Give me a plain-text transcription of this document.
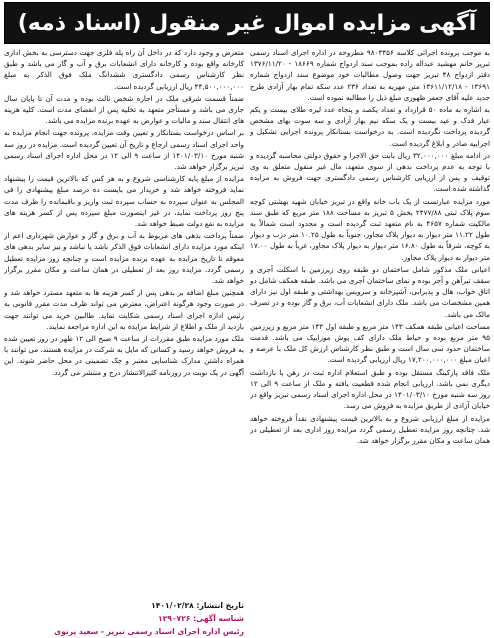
آگهی مزایده اموال غیر منقول (اسناد ذمه)

به موجب پرونده اجرائی کلاسه ۹۸۰۳۴۵۶ مطروحه در اداره اجرای اسناد رسمی تبریز خانم مهشید عبداله زاده بموجب سند ازدواج شماره ۱۸۶۶۹ - ۱۳۷۶/۱۱/۲۰ دفتر ازدواج ۴۸ تبریز جهت وصول مطالبات خود موضوع سند ازدواج شماره ۱۳۶۹۱ - ۱۳۶۱۱/۱۲/۱۸ متن مهریه به تعداد ۲۳۶ عدد سکه تمام بهار آزادی طرح جدید علیه آقای جعفر ظهوری مبلغ ذیل را مطالبه نموده است.

به اشاره به ماده ۵۰ قرارداد و تعداد یکصد و پنجاه عدد لیره طلای بیست و یکم عیار فدک و عید بیست و یک سکه نیم بهار آزادی و سه سوت بهای مشخص گردیده پرداخت نگردیده است. به درخواست بستانکار پرونده اجرایی تشکیل و اجراییه صادر و ابلاغ گردیده است.

در ادامه مبلغ ۳۲,۰۰۰,۰۰۰ ریال بابت حق الاجرا و حقوق دولتی محاسبه گردیده و با توجه به عدم پرداخت بدهی از سوی متعهد، مال غیر منقول متعلق به وی توقیف و پس از ارزیابی کارشناس رسمی دادگستری جهت فروش به مزایده گذاشته شده است.

مورد مزایده عبارتست از یک باب خانه واقع در تبریز خیابان شهید بهشتی کوچه سوم پلاک ثبتی ۲۴۷۷/۸۸ بخش ۵ تبریز به مساحت ۱۸۸ متر مربع که طبق سند مالکیت شماره ۴۶۵۷ به نام متعهد ثبت گردیده است و محدود است شمالاً به طول ۱۱.۲۲ متر دیوار به دیوار پلاک مجاور، جنوباً به طول ۱۰.۲۵ متر درب و دیوار به کوچه، شرقاً به طول ۱۶.۸۰ متر دیوار به دیوار پلاک مجاور، غرباً به طول ۱۷.۰۰ متر دیوار به دیوار پلاک مجاور.

اعیانی ملک مذکور شامل ساختمان دو طبقه روی زیرزمین با اسکلت آجری و سقف تیرآهن و آجر بوده و نمای ساختمان آجری می باشد. طبقه همکف شامل دو اتاق خواب، هال و پذیرایی، آشپزخانه و سرویس بهداشتی و طبقه اول نیز دارای همین مشخصات می باشد. ملک دارای انشعابات آب، برق و گاز بوده و در تصرف مالک می باشد.

مساحت اعیانی طبقه همکف ۱۴۳ متر مربع و طبقه اول ۱۴۳ متر مربع و زیرزمین ۹۵ متر مربع بوده و حیاط ملک دارای کف پوش موزاییک می باشد. قدمت ساختمان حدود سی سال است و طبق نظر کارشناس ارزش کل ملک با عرصه و اعیان مبلغ ۱۷,۲۰۰,۰۰۰,۰۰۰ ریال ارزیابی گردیده است.

ملک فاقد پارکینگ مستقل بوده و طبق استعلام اداره ثبت در رهن یا بازداشت دیگری نمی باشد. ارزیابی انجام شده قطعیت یافته و ملک از ساعت ۹ الی ۱۲ روز سه شنبه مورخ ۱۴۰۱/۰۳/۱۰ در محل اداره اجرای اسناد رسمی تبریز واقع در خیابان آزادی از طریق مزایده به فروش می رسد.

مزایده از مبلغ ارزیابی شروع و به بالاترین قیمت پیشنهادی نقداً فروخته خواهد شد. چنانچه روز مزایده تعطیل رسمی گردد مزایده روز اداری بعد از تعطیلی در همان ساعت و مکان مقرر برگزار خواهد شد.

متعرض و وجود دارد که در داخل آن راه پله فلزی جهت دسترسی به بخش اداری کارخانه واقع بوده و کارخانه دارای انشعابات برق و آب و گاز می باشد و طبق نظر کارشناس رسمی دادگستری ششدانگ ملک فوق الذکر به مبلغ ۴۴,۵۰۰,۰۰۰,۰۰۰ ریال ارزیابی گردیده است.

ضمناً قسمت شرقی ملک در اجاره شخص ثالث بوده و مدت آن تا پایان سال جاری می باشد و مستأجر متعهد به تخلیه پس از انقضای مدت است. کلیه هزینه های انتقال سند و مالیات و عوارض به عهده برنده مزایده می باشد.

بر اساس درخواست بستانکار و تعیین وقت مزایده، پرونده جهت انجام مزایده به واحد اجرای اسناد رسمی ارجاع و تاریخ آن تعیین گردیده است. مزایده در روز سه شنبه مورخ ۱۴۰۱/۰۳/۱۰ از ساعت ۹ الی ۱۲ در محل اداره اجرای اسناد رسمی تبریز برگزار خواهد شد.

مزایده از مبلغ پایه کارشناسی شروع و به هر کس که بالاترین قیمت را پیشنهاد نماید فروخته خواهد شد و خریدار می بایست ده درصد مبلغ پیشنهادی را فی المجلس به عنوان سپرده به حساب سپرده ثبت واریز و باقیمانده را ظرف مدت پنج روز پرداخت نماید، در غیر اینصورت مبلغ سپرده پس از کسر هزینه های مزایده به نفع دولت ضبط خواهد شد.

ضمناً پرداخت بدهی های مربوط به آب و برق و گاز و عوارض شهرداری اعم از اینکه مورد مزایده دارای انشعابات فوق الذکر باشد یا نباشد و نیز سایر بدهی های معوقه تا تاریخ مزایده به عهده برنده مزایده است و چنانچه روز مزایده تعطیل رسمی گردد، مزایده روز بعد از تعطیلی در همان ساعت و مکان مقرر برگزار خواهد شد.

همچنین مبلغ اضافه بر بدهی پس از کسر هزینه ها به متعهد مسترد خواهد شد و در صورت وجود هرگونه اعتراض، معترض می تواند ظرف مدت مقرر قانونی به رئیس اداره اجرای اسناد رسمی شکایت نماید. طالبین خرید می توانند جهت بازدید از ملک و اطلاع از شرایط مزایده به این اداره مراجعه نمایند.

ملک مورد مزایده طبق مقررات از ساعت ۹ صبح الی ۱۲ ظهر در روز تعیین شده به فروش خواهد رسید و کسانی که مایل به شرکت در مزایده هستند، می توانند با همراه داشتن مدارک شناسایی معتبر و چک تضمینی در محل حاضر شوند. این آگهی در یک نوبت در روزنامه کثیرالانتشار درج و منتشر می گردد.

تاریخ انتشار: ۱۴۰۱/۰۲/۲۸
شناسه آگهی: ۱۲۹۰۷۲۶
رئیس اداره اجرای اسناد رسمی تبریز - سعید پرتوی
